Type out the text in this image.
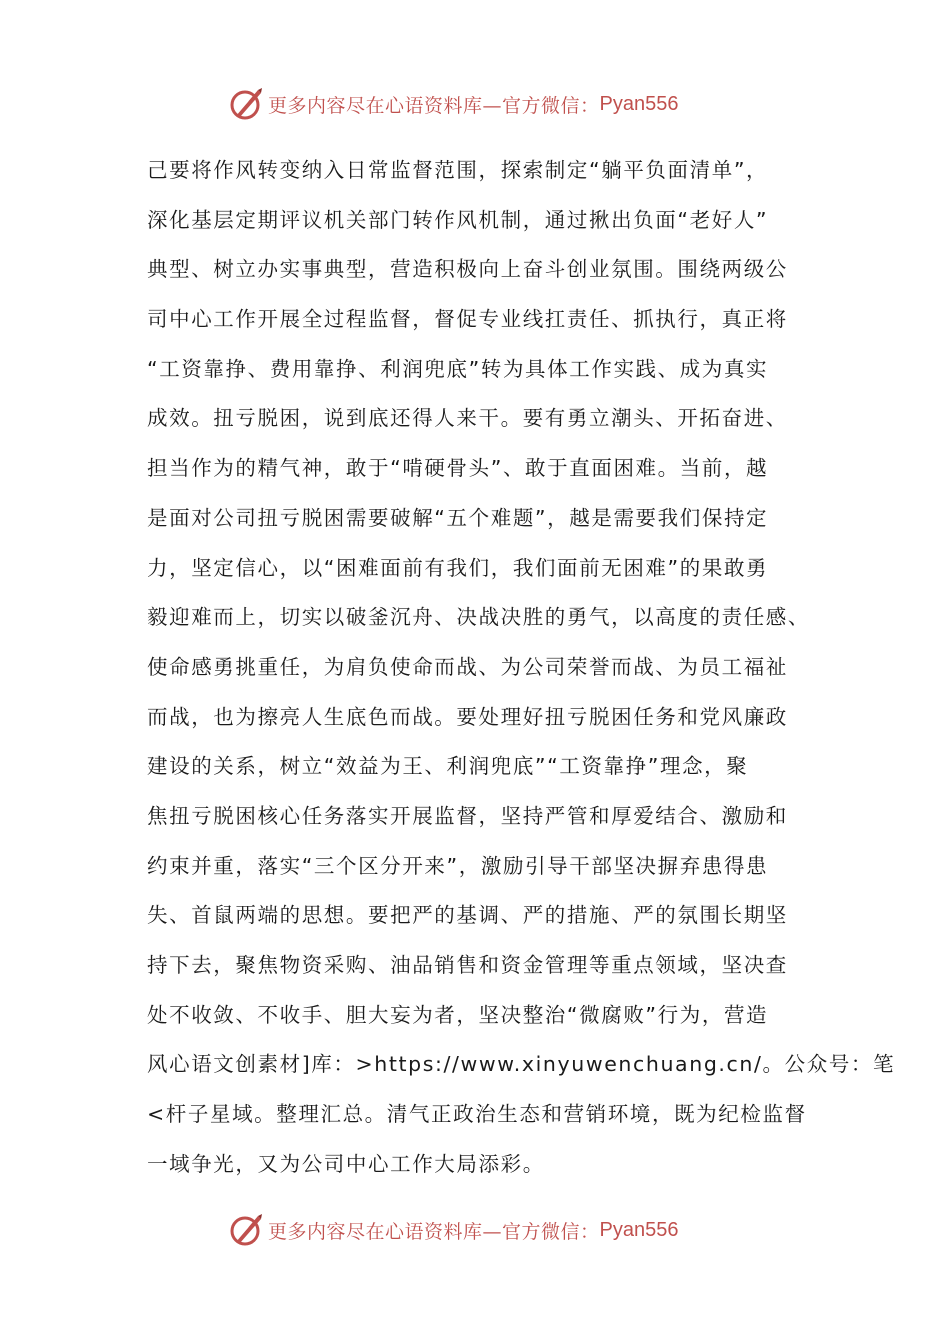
更多内容尽在心语资料库—官方微信： Pyan556
己要将作风转变纳入日常监督范围，探索制定“躺平负面清单”，
深化基层定期评议机关部门转作风机制，通过揪出负面“老好人”
典型、树立办实事典型，营造积极向上奋斗创业氛围。围绕两级公
司中心工作开展全过程监督，督促专业线扛责任、抓执行，真正将
“工资靠挣、费用靠挣、利润兜底”转为具体工作实践、成为真实
成效。扭亏脱困，说到底还得人来干。要有勇立潮头、开拓奋进、
担当作为的精气神，敢于“啃硬骨头”、敢于直面困难。当前，越
是面对公司扭亏脱困需要破解“五个难题”，越是需要我们保持定
力，坚定信心，以“困难面前有我们，我们面前无困难”的果敢勇
毅迎难而上，切实以破釜沉舟、决战决胜的勇气，以高度的责任感、
使命感勇挑重任，为肩负使命而战、为公司荣誉而战、为员工福祉
而战，也为擦亮人生底色而战。要处理好扭亏脱困任务和党风廉政
建设的关系，树立“效益为王、利润兜底”“工资靠挣”理念，聚
焦扭亏脱困核心任务落实开展监督，坚持严管和厚爱结合、激励和
约束并重，落实“三个区分开来”，激励引导干部坚决摒弃患得患
失、首鼠两端的思想。要把严的基调、严的措施、严的氛围长期坚
持下去，聚焦物资采购、油品销售和资金管理等重点领域，坚决查
处不收敛、不收手、胆大妄为者，坚决整治“微腐败”行为，营造
风心语文创素材]库：>https://www.xinyuwenchuang.cn/。公众号：笔
<杆子星域。整理汇总。清气正政治生态和营销环境，既为纪检监督
一域争光，又为公司中心工作大局添彩。
更多内容尽在心语资料库—官方微信： Pyan556
